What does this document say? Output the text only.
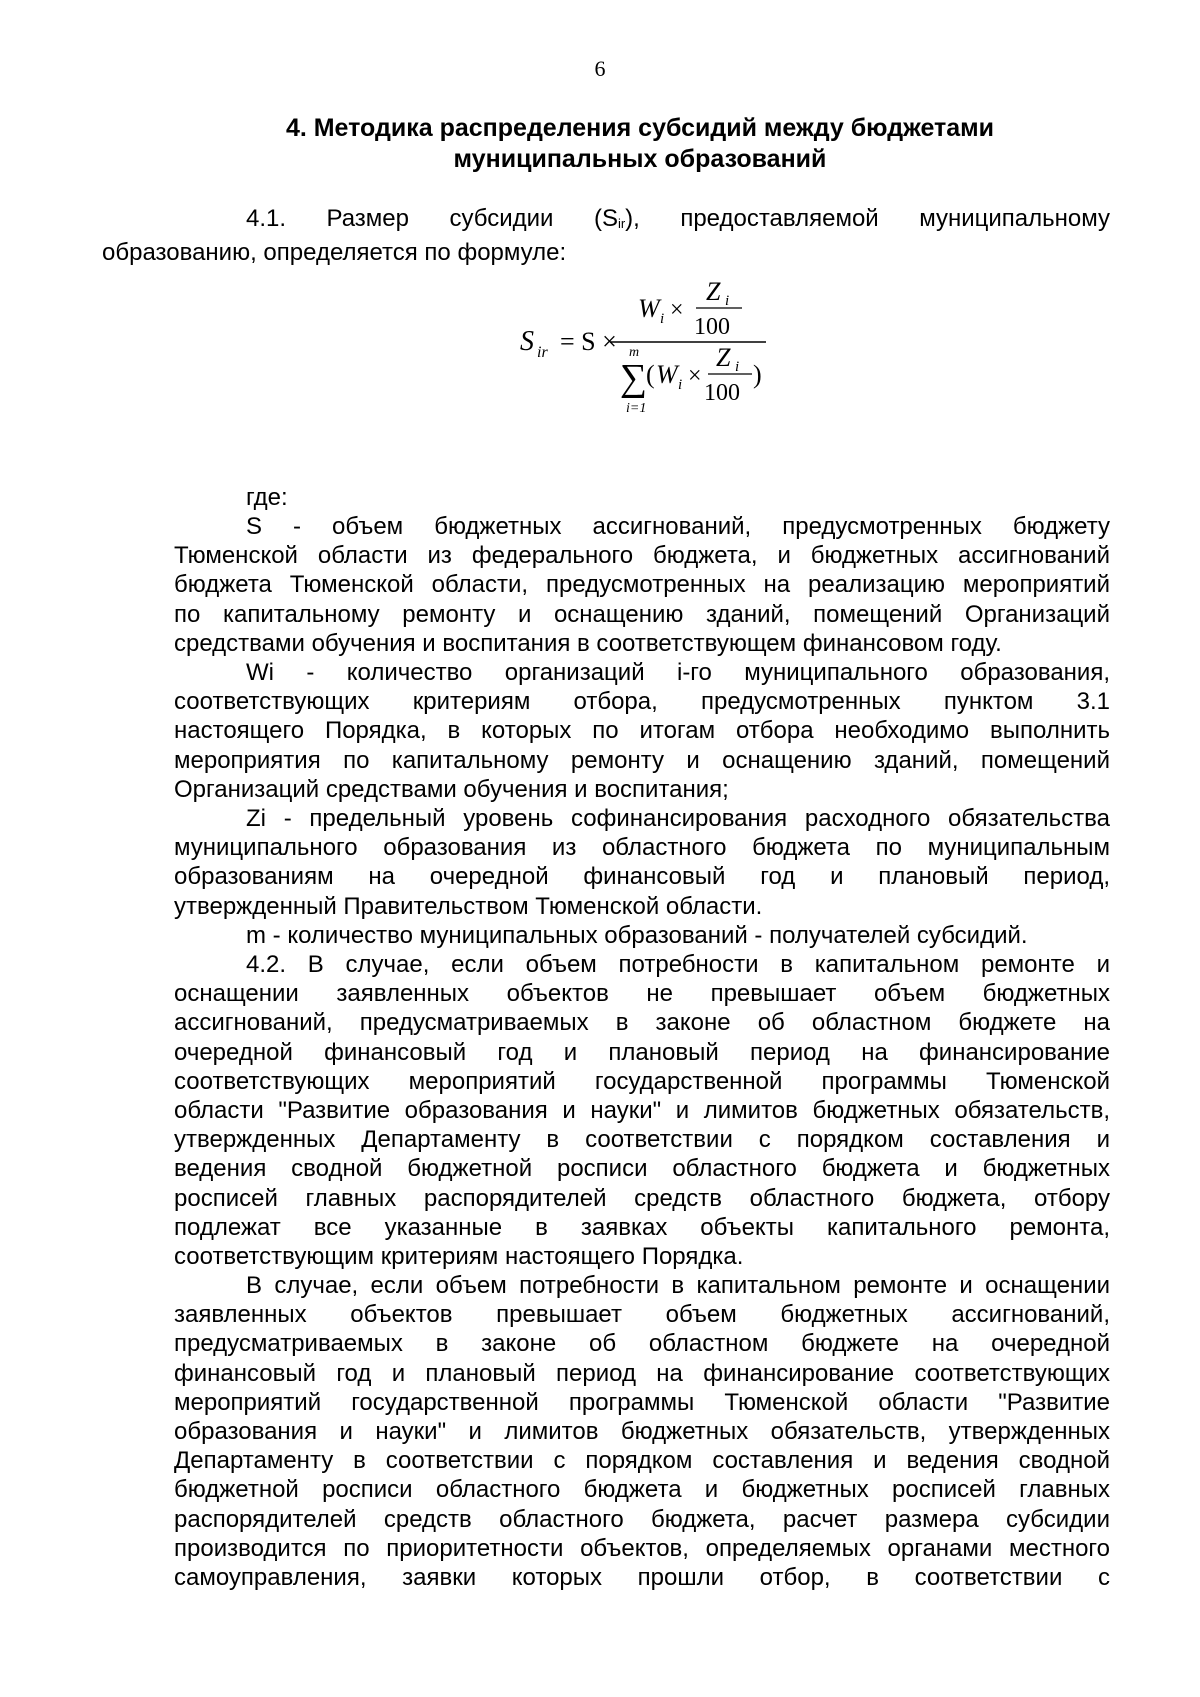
6
4. Методика распределения субсидий между бюджетами
муниципальных образований
4.1. Размер субсидии $(S_{ir})$, предоставляемой муниципальному
образованию, определяется по формуле:
S ir = S ×
W i ×
Z i
100
m
∑
i=1
( W i ×
Z i
100
)
где:
S - объем бюджетных ассигнований, предусмотренных бюджету
Тюменской области из федерального бюджета, и бюджетных ассигнований
бюджета Тюменской области, предусмотренных на реализацию мероприятий
по капитальному ремонту и оснащению зданий, помещений Организаций
средствами обучения и воспитания в соответствующем финансовом году.
Wi - количество организаций i-го муниципального образования,
соответствующих критериям отбора, предусмотренных пунктом 3.1
настоящего Порядка, в которых по итогам отбора необходимо выполнить
мероприятия по капитальному ремонту и оснащению зданий, помещений
Организаций средствами обучения и воспитания;
Zi - предельный уровень софинансирования расходного обязательства
муниципального образования из областного бюджета по муниципальным
образованиям на очередной финансовый год и плановый период,
утвержденный Правительством Тюменской области.
m - количество муниципальных образований - получателей субсидий.
4.2. В случае, если объем потребности в капитальном ремонте и
оснащении заявленных объектов не превышает объем бюджетных
ассигнований, предусматриваемых в законе об областном бюджете на
очередной финансовый год и плановый период на финансирование
соответствующих мероприятий государственной программы Тюменской
области "Развитие образования и науки" и лимитов бюджетных обязательств,
утвержденных Департаменту в соответствии с порядком составления и
ведения сводной бюджетной росписи областного бюджета и бюджетных
росписей главных распорядителей средств областного бюджета, отбору
подлежат все указанные в заявках объекты капитального ремонта,
соответствующим критериям настоящего Порядка.
В случае, если объем потребности в капитальном ремонте и оснащении
заявленных объектов превышает объем бюджетных ассигнований,
предусматриваемых в законе об областном бюджете на очередной
финансовый год и плановый период на финансирование соответствующих
мероприятий государственной программы Тюменской области "Развитие
образования и науки" и лимитов бюджетных обязательств, утвержденных
Департаменту в соответствии с порядком составления и ведения сводной
бюджетной росписи областного бюджета и бюджетных росписей главных
распорядителей средств областного бюджета, расчет размера субсидии
производится по приоритетности объектов, определяемых органами местного
самоуправления, заявки которых прошли отбор, в соответствии с
